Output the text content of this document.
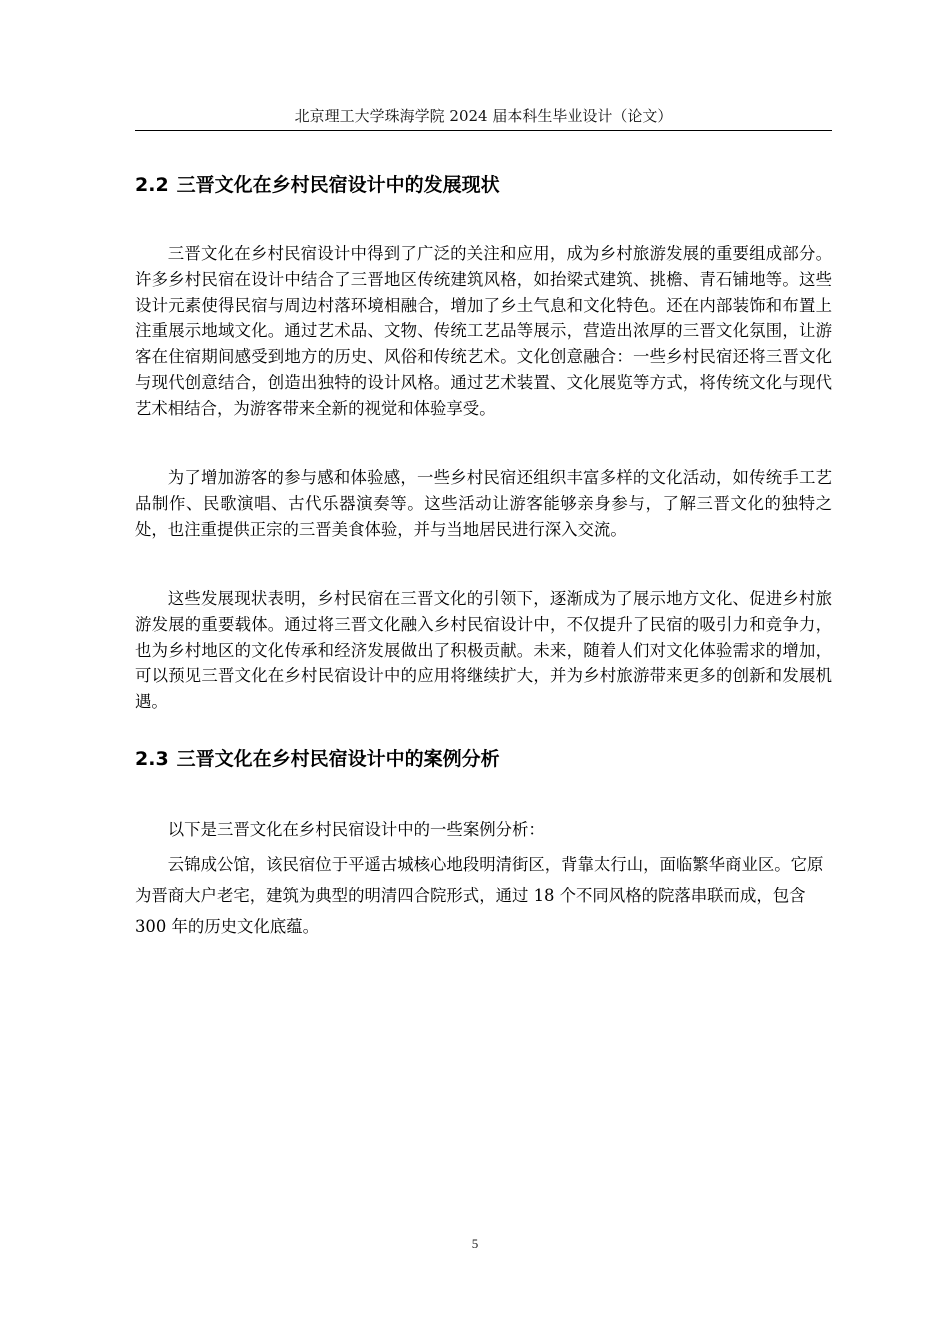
北京理工大学珠海学院 2024 届本科生毕业设计（论文）
2.2 三晋文化在乡村民宿设计中的发展现状

三晋文化在乡村民宿设计中得到了广泛的关注和应用，成为乡村旅游发展的重要组成部分。许多乡村民宿在设计中结合了三晋地区传统建筑风格，如抬梁式建筑、挑檐、青石铺地等。这些设计元素使得民宿与周边村落环境相融合，增加了乡土气息和文化特色。还在内部装饰和布置上注重展示地域文化。通过艺术品、文物、传统工艺品等展示，营造出浓厚的三晋文化氛围，让游客在住宿期间感受到地方的历史、风俗和传统艺术。文化创意融合：一些乡村民宿还将三晋文化与现代创意结合，创造出独特的设计风格。通过艺术装置、文化展览等方式，将传统文化与现代艺术相结合，为游客带来全新的视觉和体验享受。

为了增加游客的参与感和体验感，一些乡村民宿还组织丰富多样的文化活动，如传统手工艺品制作、民歌演唱、古代乐器演奏等。这些活动让游客能够亲身参与，了解三晋文化的独特之处，也注重提供正宗的三晋美食体验，并与当地居民进行深入交流。

这些发展现状表明，乡村民宿在三晋文化的引领下，逐渐成为了展示地方文化、促进乡村旅游发展的重要载体。通过将三晋文化融入乡村民宿设计中，不仅提升了民宿的吸引力和竞争力，也为乡村地区的文化传承和经济发展做出了积极贡献。未来，随着人们对文化体验需求的增加，可以预见三晋文化在乡村民宿设计中的应用将继续扩大，并为乡村旅游带来更多的创新和发展机遇。

2.3 三晋文化在乡村民宿设计中的案例分析

以下是三晋文化在乡村民宿设计中的一些案例分析：

云锦成公馆，该民宿位于平遥古城核心地段明清街区，背靠太行山，面临繁华商业区。它原为晋商大户老宅，建筑为典型的明清四合院形式，通过 18 个不同风格的院落串联而成，包含 300 年的历史文化底蕴。

5
